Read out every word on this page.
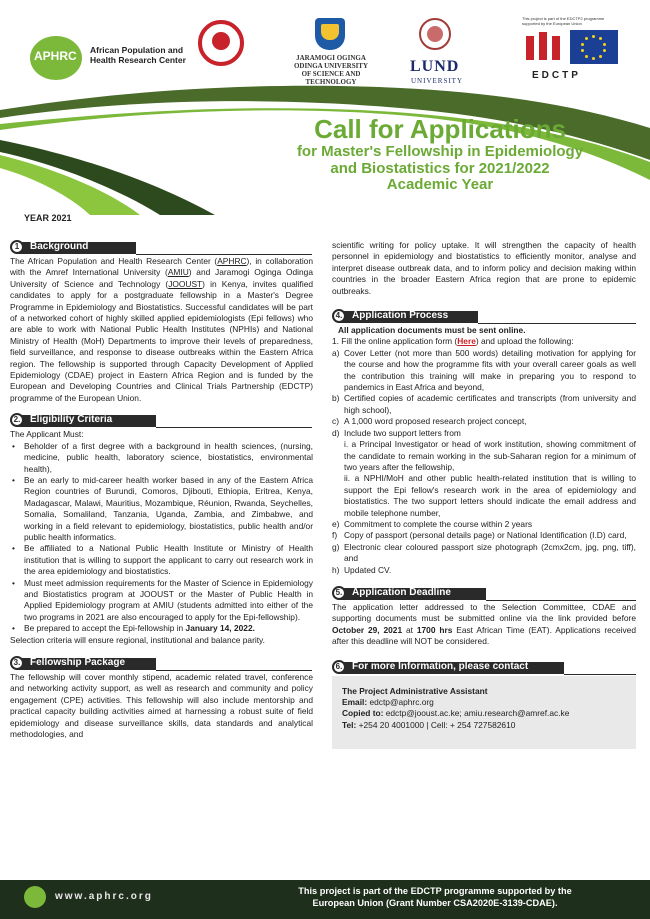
APHRC African Population and
Health Research Center	JARAMOGI OGINGA ODINGA UNIVERSITY OF SCIENCE AND TECHNOLOGY
LUND
UNIVERSITY
This project is part of the EDCTP2 programme supported by the European Union
EDCTP
Call for Applications
for Master's Fellowship in Epidemiology
and Biostatistics for 2021/2022
Academic Year
YEAR 2021
1	Background

The African Population and Health Research Center (APHRC), in collaboration with the Amref International University (AMIU) and Jaramogi Oginga Odinga University of Science and Technology (JOOUST) in Kenya, invites qualified candidates to apply for a postgraduate fellowship in a Master's Degree Programme in Epidemiology and Biostatistics. Successful candidates will be part of a networked cohort of highly skilled applied epidemiologists (Epi fellows) who are able to work with National Public Health Institutes (NPHIs) and National Ministry of Health (MoH) Departments to improve their levels of preparedness, field surveillance, and response to disease outbreaks within the Eastern Africa region. The fellowship is supported through Capacity Development of Applied Epidemiology (CDAE) project in Eastern Africa Region and is funded by the European and Developing Countries and Clinical Trials Partnership (EDCTP) programme of the European Union.

2. Eligibility Criteria
The Applicant Must:
• Beholder of a first degree with a background in health sciences, (nursing, medicine, public health, laboratory science, biostatistics, environmental health),
• Be an early to mid-career health worker based in any of the Eastern Africa Region countries of Burundi, Comoros, Djibouti, Ethiopia, Eritrea, Kenya, Madagascar, Malawi, Mauritius, Mozambique, Réunion, Rwanda, Seychelles, Somalia, Somaliland, Tanzania, Uganda, Zambia, and Zimbabwe, and working in a field relevant to epidemiology, biostatistics, public health and/or public health informatics.
• Be affiliated to a National Public Health Institute or Ministry of Health institution that is willing to support the applicant to carry out research work in the area epidemiology and biostatistics.
• Must meet admission requirements for the Master of Science in Epidemiology and Biostatistics program at JOOUST or the Master of Public Health in Applied Epidemiology program at AMIU (students admitted into either of the two programs in 2021 are also encouraged to apply for the Epi-fellowship).
• Be prepared to accept the Epi-fellowship in January 14, 2022.

Selection criteria will ensure regional, institutional and balance parity.

3. Fellowship Package

The fellowship will cover monthly stipend, academic related travel, conference and networking activity support, as well as research and community and policy engagement (CPE) activities. This fellowship will also include mentorship and practical capacity building activities aimed at harnessing a robust suite of field epidemiology and disease surveillance skills, data standards and analytical methodologies, and

scientific writing for policy uptake. It will strengthen the capacity of health personnel in epidemiology and biostatistics to efficiently monitor, analyse and interpret disease outbreak data, and to inform policy and decision making within countries in the broader Eastern Africa region that are prone to epidemic outbreaks.

4. Application Process
All application documents must be sent online.
1. Fill the online application form (Here) and upload the following:
a) Cover Letter (not more than 500 words) detailing motivation for applying for the course and how the programme fits with your overall career goals as well the contribution this training will make in preparing you to respond to pandemics in East Africa and beyond,
b) Certified copies of academic certificates and transcripts (from university and high school),
c) A 1,000 word proposed research project concept,
d) Include two support letters from
i. a Principal Investigator or head of work institution, showing commitment of the candidate to remain working in the sub-Saharan region for a minimum of two years after the fellowship,
ii. a NPHI/MoH and other public health-related institution that is willing to support the Epi fellow's research work in the area of epidemiology and biostatistics. The two support letters should indicate the email address and mobile telephone number,
e) Commitment to complete the course within 2 years
f) Copy of passport (personal details page) or National Identification (I.D) card,
g) Electronic clear coloured passport size photograph (2cmx2cm, jpg, png, tiff), and
h) Updated CV.
5. Application Deadline

The application letter addressed to the Selection Committee, CDAE and supporting documents must be submitted online via the link provided before October 29, 2021 at 1700 hrs East African Time (EAT). Applications received after this deadline will NOT be considered.

6. For more Information, please contact
The Project Administrative Assistant
Email: edctp@aphrc.org
Copied to: edctp@jooust.ac.ke; amiu.research@amref.ac.ke
Tel: +254 20 4001000 | Cell: + 254 727582610
www.aphrc.org	This project is part of the EDCTP programme supported by the
European Union (Grant Number CSA2020E-3139-CDAE).
